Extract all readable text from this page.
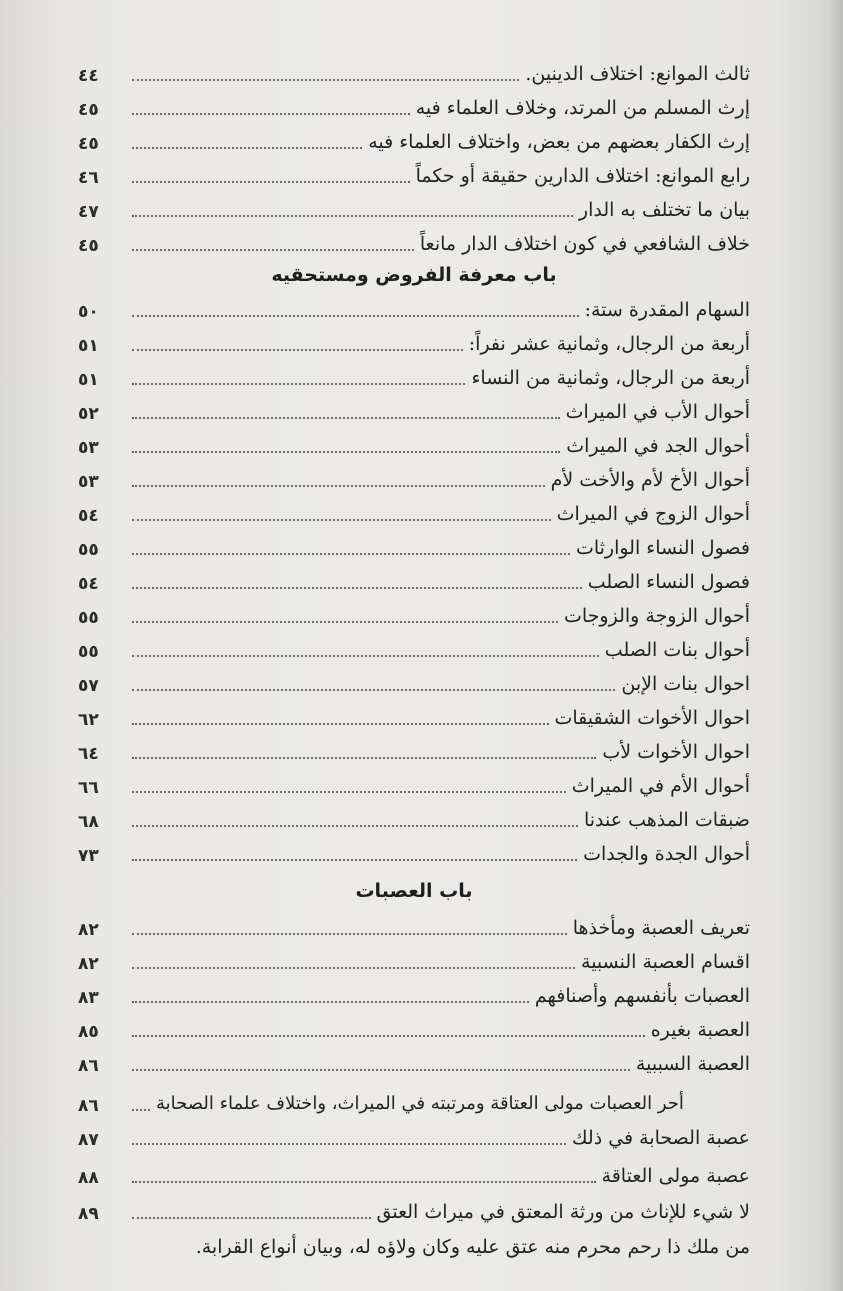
٤٤	ثالث الموانع: اختلاف الدينين.
٤٥	إرث المسلم من المرتد، وخلاف العلماء فيه
٤٥	إرث الكفار بعضهم من بعض، واختلاف العلماء فيه
٤٦	رابع الموانع: اختلاف الدارين حقيقة أو حكماً
٤٧	بيان ما تختلف به الدار
٤٥	خلاف الشافعي في كون اختلاف الدار مانعاً
باب معرفة الفروض ومستحقيه
٥٠	السهام المقدرة ستة:
٥١	أربعة من الرجال، وثمانية عشر نفراً:
٥١	أربعة من الرجال، وثمانية من النساء
٥٢	أحوال الأب في الميراث
٥٣	أحوال الجد في الميراث
٥٣	أحوال الأخ لأم والأخت لأم
٥٤	أحوال الزوج في الميراث
٥٥	فصول النساء الوارثات
٥٤	فصول النساء الصلب
٥٥	أحوال الزوجة والزوجات
٥٥	أحوال بنات الصلب
٥٧	احوال بنات الإبن
٦٢	احوال الأخوات الشقيقات
٦٤	احوال الأخوات لأب
٦٦	أحوال الأم في الميراث
٦٨	ضبقات المذهب عندنا
٧٣	أحوال الجدة والجدات
باب العصبات
٨٢	تعريف العصبة ومأخذها
٨٢	اقسام العصبة النسبية
٨٣	العصبات بأنفسهم وأصنافهم
٨٥	العصبة بغيره
٨٦	العصبة السببية
٨٦	أحر العصبات مولى العتاقة ومرتبته في الميراث، واختلاف علماء الصحابة
٨٧	عصبة الصحابة في ذلك
٨٨	عصبة مولى العتاقة
٨٩	لا شيء للإناث من ورثة المعتق في ميراث العتق
من ملك ذا رحم محرم منه عتق عليه وكان ولاؤه له، وبيان أنواع القرابة.
